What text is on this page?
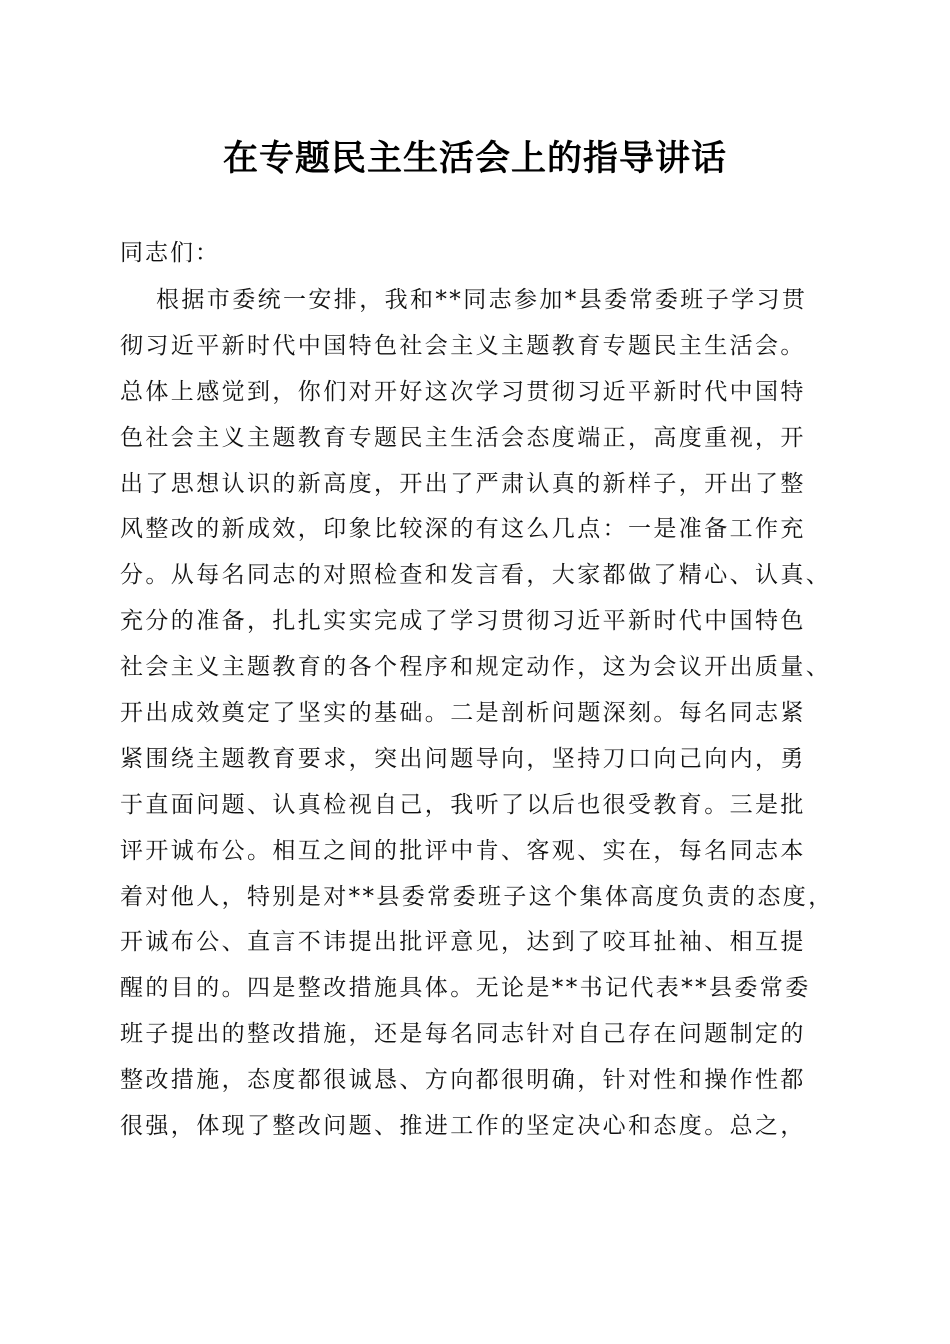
在专题民主生活会上的指导讲话
同志们：
根据市委统一安排，我和**同志参加*县委常委班子学习贯
彻习近平新时代中国特色社会主义主题教育专题民主生活会。
总体上感觉到，你们对开好这次学习贯彻习近平新时代中国特
色社会主义主题教育专题民主生活会态度端正，高度重视，开
出了思想认识的新高度，开出了严肃认真的新样子，开出了整
风整改的新成效，印象比较深的有这么几点：一是准备工作充
分。从每名同志的对照检查和发言看，大家都做了精心、认真、
充分的准备，扎扎实实完成了学习贯彻习近平新时代中国特色
社会主义主题教育的各个程序和规定动作，这为会议开出质量、
开出成效奠定了坚实的基础。二是剖析问题深刻。每名同志紧
紧围绕主题教育要求，突出问题导向，坚持刀口向己向内，勇
于直面问题、认真检视自己，我听了以后也很受教育。三是批
评开诚布公。相互之间的批评中肯、客观、实在，每名同志本
着对他人，特别是对**县委常委班子这个集体高度负责的态度，
开诚布公、直言不讳提出批评意见，达到了咬耳扯袖、相互提
醒的目的。四是整改措施具体。无论是**书记代表**县委常委
班子提出的整改措施，还是每名同志针对自己存在问题制定的
整改措施，态度都很诚恳、方向都很明确，针对性和操作性都
很强，体现了整改问题、推进工作的坚定决心和态度。总之，
